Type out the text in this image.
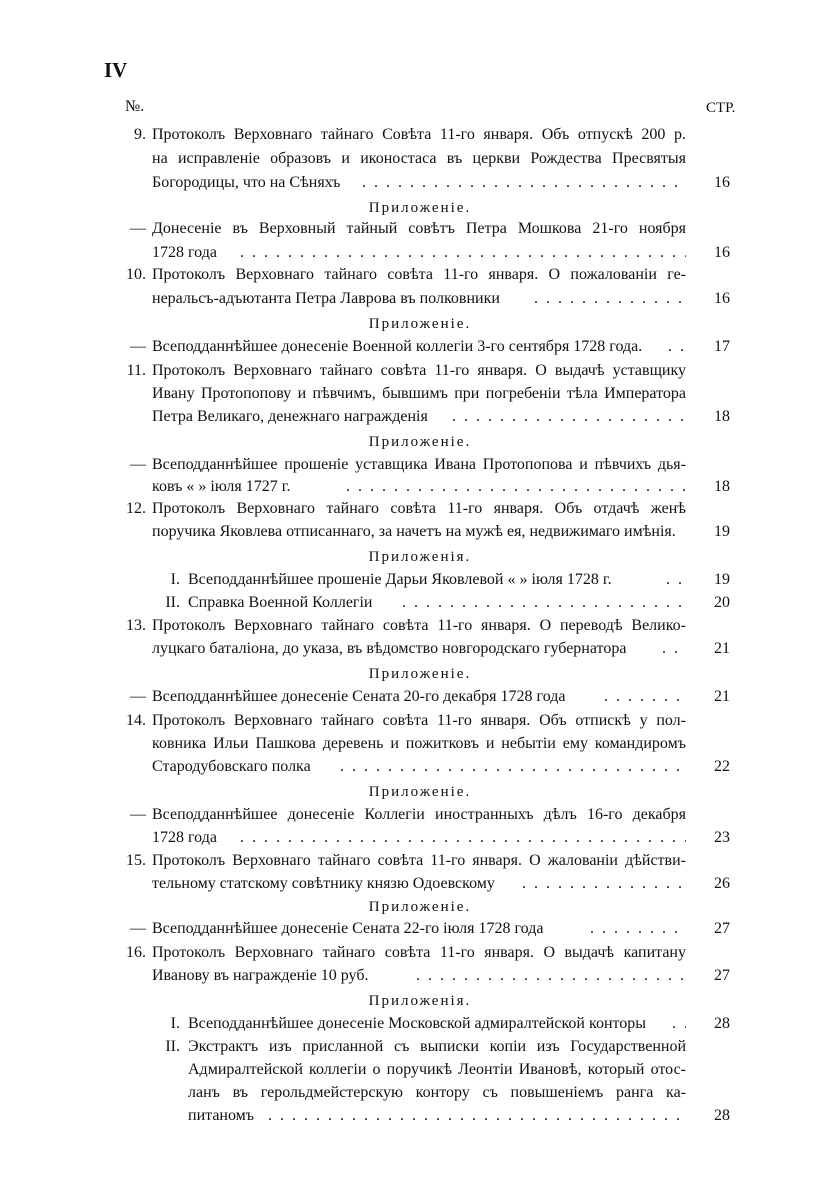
IV
№.	СТР.
9. Протоколъ Верховнаго тайнаго Совѣта 11-го января. Объ отпускѣ 200 р.
на исправленіе образовъ и иконостаса въ церкви Рождества Пресвятыя
Богородицы, что на Сѣняхъ . . .	16
Приложеніе.
— Донесеніе въ Верховный тайный совѣтъ Петра Мошкова 21-го ноября
1728 года . . .	16
10. Протоколъ Верховнаго тайнаго совѣта 11-го января. О пожалованіи ге-
неральсъ-адъютанта Петра Лаврова въ полковники . . .	16
Приложеніе.
— Всеподданнѣйшее донесеніе Военной коллегіи 3-го сентября 1728 года. . . .	17
11. Протоколъ Верховнаго тайнаго совѣта 11-го января. О выдачѣ уставщику
Ивану Протопопову и пѣвчимъ, бывшимъ при погребеніи тѣла Императора
Петра Великаго, денежнаго награжденія . . .	18
Приложеніе.
— Всеподданнѣйшее прошеніе уставщика Ивана Протопопова и пѣвчихъ дья-
ковъ « » іюля 1727 г. . . .	18
12. Протоколъ Верховнаго тайнаго совѣта 11-го января. Объ отдачѣ женѣ
поручика Яковлева отписаннаго, за начетъ на мужѣ ея, недвижимаго имѣнія.	19
Приложенія.
I. Всеподданнѣйшее прошеніе Дарьи Яковлевой « » іюля 1728 г. . . .	19
II. Справка Военной Коллегіи . . .	20
13. Протоколъ Верховнаго тайнаго совѣта 11-го января. О переводѣ Велико-
луцкаго баталіона, до указа, въ вѣдомство новгородскаго губернатора . . .	21
Приложеніе.
— Всеподданнѣйшее донесеніе Сената 20-го декабря 1728 года . . .	21
14. Протоколъ Верховнаго тайнаго совѣта 11-го января. Объ отпискѣ у пол-
ковника Ильи Пашкова деревень и пожитковъ и небытіи ему командиромъ
Стародубовскаго полка . . .	22
Приложеніе.
— Всеподданнѣйшее донесеніе Коллегіи иностранныхъ дѣлъ 16-го декабря
1728 года . . .	23
15. Протоколъ Верховнаго тайнаго совѣта 11-го января. О жалованіи дѣйстви-
тельному статскому совѣтнику князю Одоевскому . . .	26
Приложеніе.
— Всеподданнѣйшее донесеніе Сената 22-го іюля 1728 года . . .	27
16. Протоколъ Верховнаго тайнаго совѣта 11-го января. О выдачѣ капитану
Иванову въ награжденіе 10 руб. . . .	27
Приложенія.
I. Всеподданнѣйшее донесеніе Московской адмиралтейской конторы . . .	28
II. Экстрактъ изъ присланной съ выписки копіи изъ Государственной
Адмиралтейской коллегіи о поручикѣ Леонтіи Ивановѣ, который отос-
ланъ въ герольдмейстерскую контору съ повышеніемъ ранга ка-
питаномъ . . .	28
